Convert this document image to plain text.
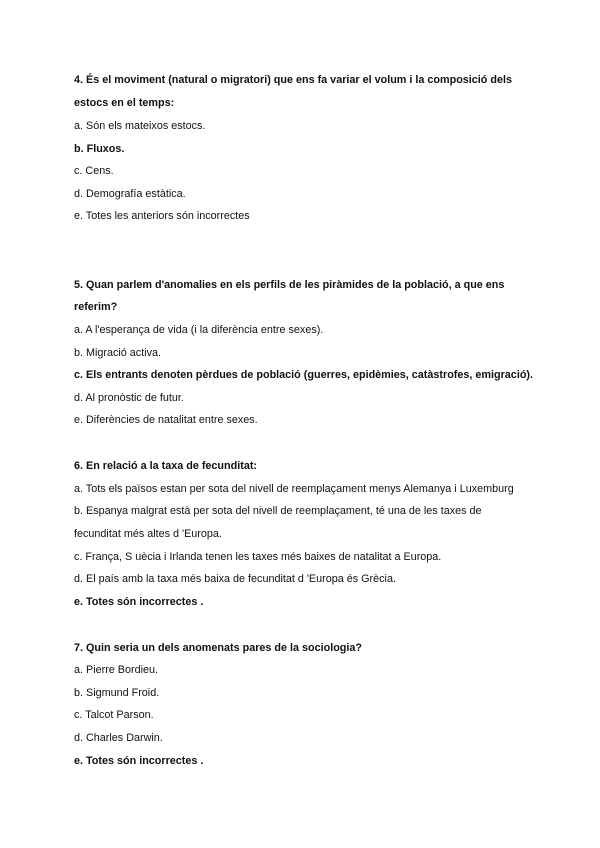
4. És el moviment (natural o migratori) que ens fa variar el volum i la composició dels
estocs en el temps:
a. Són els mateixos estocs.
b. Fluxos.
c. Cens.
d. Demografía estàtica.
e. Totes les anteriors són incorrectes
5. Quan parlem d'anomalies en els perfils de les piràmides de la població, a que ens
referim?
a. A l'esperança de vida (i la diferència entre sexes).
b. Migració activa.
c. Els entrants denoten pèrdues de població (guerres, epidèmies, catàstrofes, emigració).
d. Al pronòstic de futur.
e. Diferències de natalitat entre sexes.
6. En relació a la taxa de fecunditat:
a. Tots els països estan per sota del nivell de reemplaçament menys Alemanya i Luxemburg
b. Espanya malgrat està per sota del nivell de reemplaçament, té una de les taxes de
fecunditat més altes d 'Europa.
c. França, S uècia i Irlanda tenen les taxes més baixes de natalitat a Europa.
d. El país amb la taxa més baixa de fecunditat d 'Europa és Grècia.
e. Totes són incorrectes .
7. Quin seria un dels anomenats pares de la sociologia?
a. Pierre Bordieu.
b. Sigmund Froid.
c. Talcot Parson.
d. Charles Darwin.
e. Totes són incorrectes .
